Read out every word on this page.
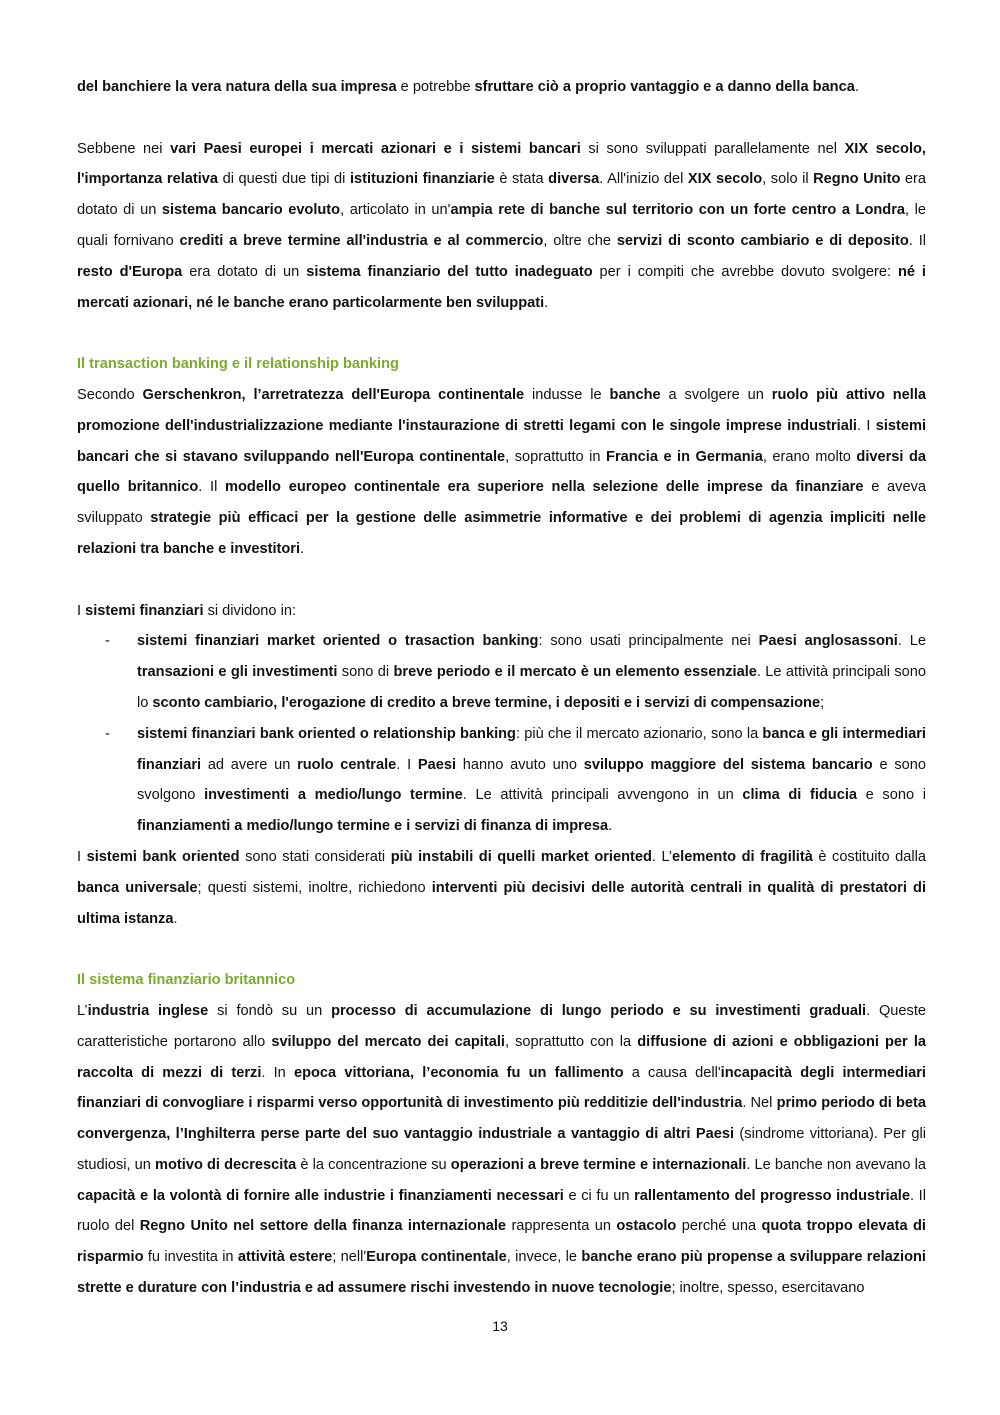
del banchiere la vera natura della sua impresa e potrebbe sfruttare ciò a proprio vantaggio e a danno della banca.

Sebbene nei vari Paesi europei i mercati azionari e i sistemi bancari si sono sviluppati parallelamente nel XIX secolo, l'importanza relativa di questi due tipi di istituzioni finanziarie è stata diversa. All'inizio del XIX secolo, solo il Regno Unito era dotato di un sistema bancario evoluto, articolato in un'ampia rete di banche sul territorio con un forte centro a Londra, le quali fornivano crediti a breve termine all'industria e al commercio, oltre che servizi di sconto cambiario e di deposito. Il resto d'Europa era dotato di un sistema finanziario del tutto inadeguato per i compiti che avrebbe dovuto svolgere: né i mercati azionari, né le banche erano particolarmente ben sviluppati.

Il transaction banking e il relationship banking

Secondo Gerschenkron, l’arretratezza dell'Europa continentale indusse le banche a svolgere un ruolo più attivo nella promozione dell'industrializzazione mediante l'instaurazione di stretti legami con le singole imprese industriali. I sistemi bancari che si stavano sviluppando nell'Europa continentale, soprattutto in Francia e in Germania, erano molto diversi da quello britannico. Il modello europeo continentale era superiore nella selezione delle imprese da finanziare e aveva sviluppato strategie più efficaci per la gestione delle asimmetrie informative e dei problemi di agenzia impliciti nelle relazioni tra banche e investitori.

I sistemi finanziari si dividono in:

- sistemi finanziari market oriented o trasaction banking: sono usati principalmente nei Paesi anglosassoni. Le transazioni e gli investimenti sono di breve periodo e il mercato è un elemento essenziale. Le attività principali sono lo sconto cambiario, l'erogazione di credito a breve termine, i depositi e i servizi di compensazione;
- sistemi finanziari bank oriented o relationship banking: più che il mercato azionario, sono la banca e gli intermediari finanziari ad avere un ruolo centrale. I Paesi hanno avuto uno sviluppo maggiore del sistema bancario e sono svolgono investimenti a medio/lungo termine. Le attività principali avvengono in un clima di fiducia e sono i finanziamenti a medio/lungo termine e i servizi di finanza di impresa.

I sistemi bank oriented sono stati considerati più instabili di quelli market oriented. L’elemento di fragilità è costituito dalla banca universale; questi sistemi, inoltre, richiedono interventi più decisivi delle autorità centrali in qualità di prestatori di ultima istanza.

Il sistema finanziario britannico

L’industria inglese si fondò su un processo di accumulazione di lungo periodo e su investimenti graduali. Queste caratteristiche portarono allo sviluppo del mercato dei capitali, soprattutto con la diffusione di azioni e obbligazioni per la raccolta di mezzi di terzi. In epoca vittoriana, l’economia fu un fallimento a causa dell'incapacità degli intermediari finanziari di convogliare i risparmi verso opportunità di investimento più redditizie dell'industria. Nel primo periodo di beta convergenza, l’Inghilterra perse parte del suo vantaggio industriale a vantaggio di altri Paesi (sindrome vittoriana). Per gli studiosi, un motivo di decrescita è la concentrazione su operazioni a breve termine e internazionali. Le banche non avevano la capacità e la volontà di fornire alle industrie i finanziamenti necessari e ci fu un rallentamento del progresso industriale. Il ruolo del Regno Unito nel settore della finanza internazionale rappresenta un ostacolo perché una quota troppo elevata di risparmio fu investita in attività estere; nell'Europa continentale, invece, le banche erano più propense a sviluppare relazioni strette e durature con l’industria e ad assumere rischi investendo in nuove tecnologie; inoltre, spesso, esercitavano

13
